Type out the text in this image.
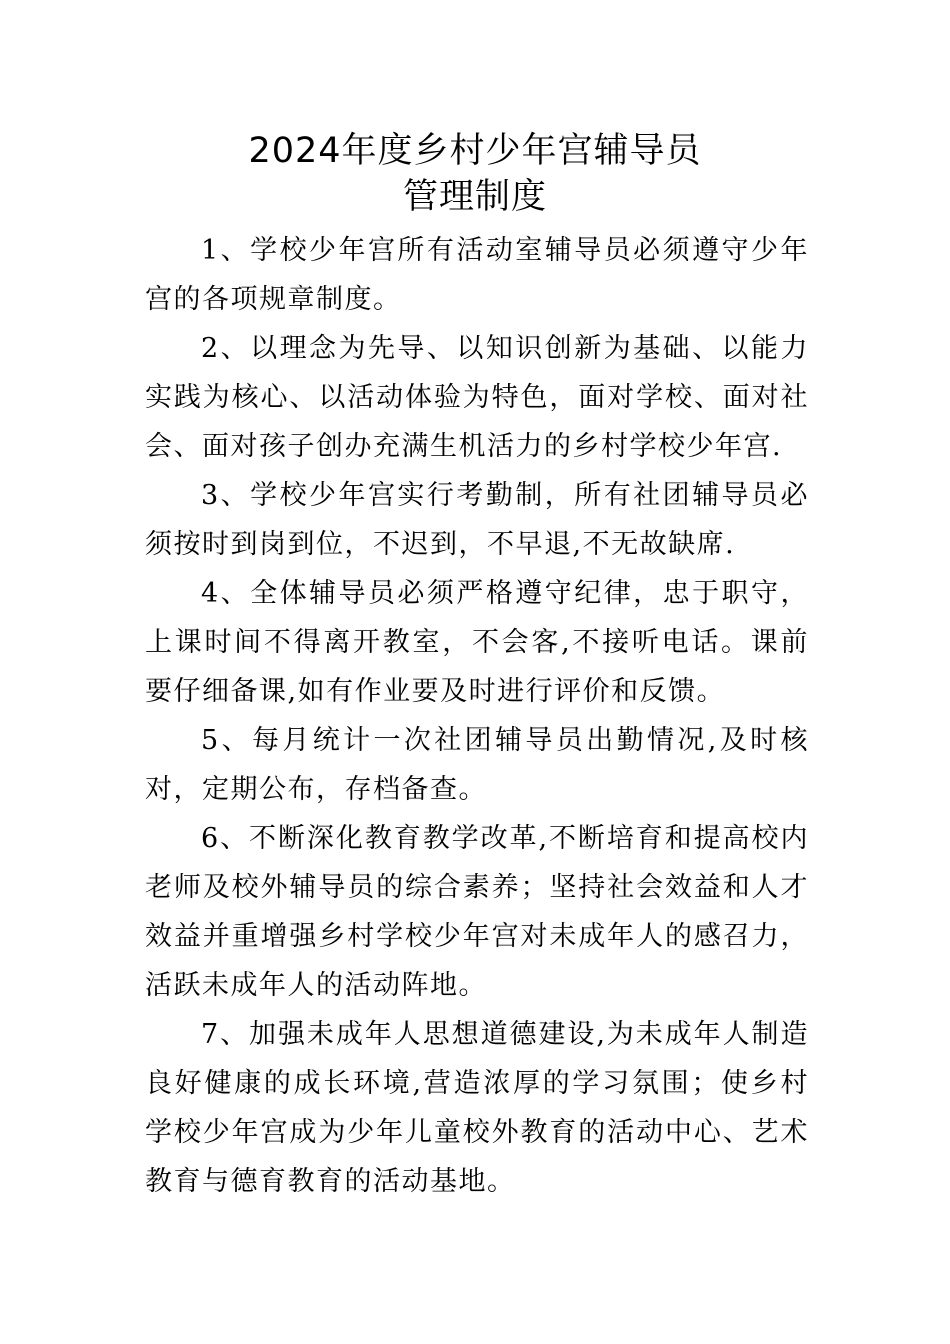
2024年度乡村少年宫辅导员
管理制度

1、学校少年宫所有活动室辅导员必须遵守少年宫的各项规章制度。

2、以理念为先导、以知识创新为基础、以能力实践为核心、以活动体验为特色，面对学校、面对社会、面对孩子创办充满生机活力的乡村学校少年宫.

3、学校少年宫实行考勤制，所有社团辅导员必须按时到岗到位，不迟到，不早退,不无故缺席.

4、全体辅导员必须严格遵守纪律，忠于职守，上课时间不得离开教室，不会客,不接听电话。课前要仔细备课,如有作业要及时进行评价和反馈。

5、每月统计一次社团辅导员出勤情况,及时核对，定期公布，存档备查。

6、不断深化教育教学改革,不断培育和提高校内老师及校外辅导员的综合素养；坚持社会效益和人才效益并重增强乡村学校少年宫对未成年人的感召力，活跃未成年人的活动阵地。

7、加强未成年人思想道德建设,为未成年人制造良好健康的成长环境,营造浓厚的学习氛围；使乡村学校少年宫成为少年儿童校外教育的活动中心、艺术教育与德育教育的活动基地。
